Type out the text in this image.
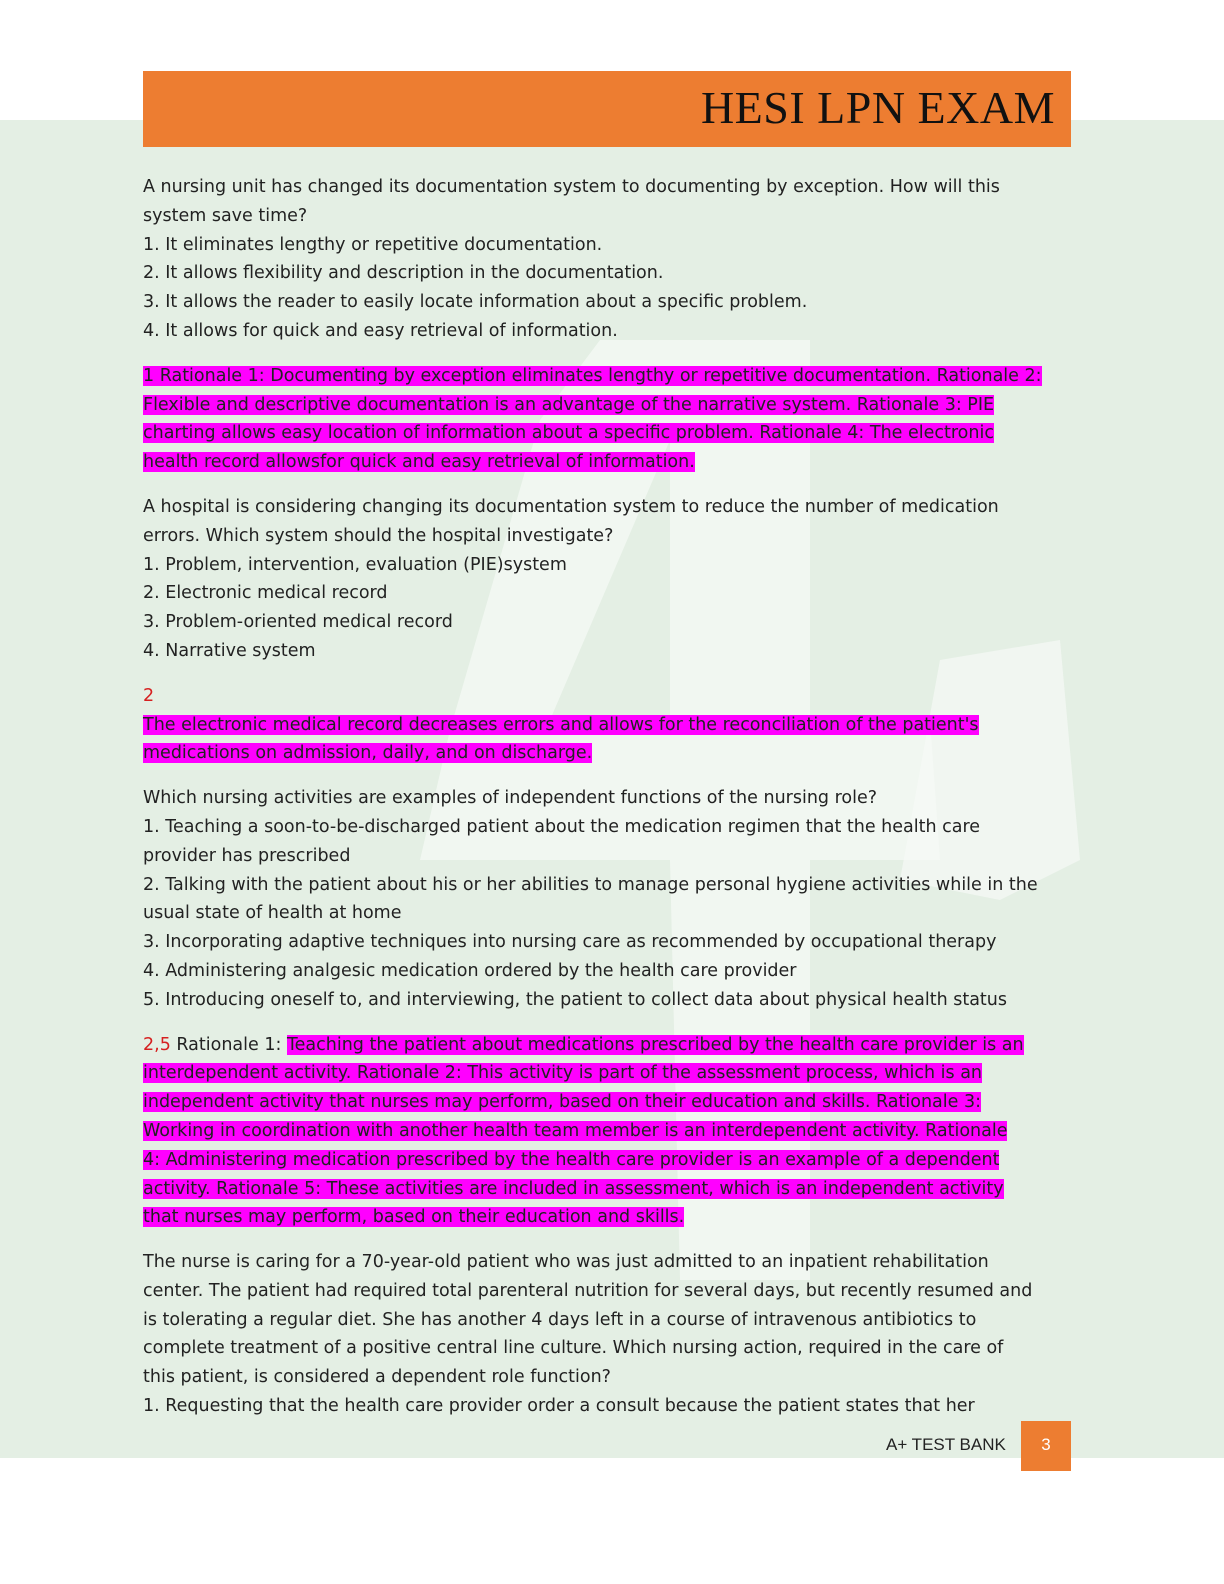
HESI LPN EXAM
A nursing unit has changed its documentation system to documenting by exception. How will this
system save time?
1. It eliminates lengthy or repetitive documentation.
2. It allows flexibility and description in the documentation.
3. It allows the reader to easily locate information about a specific problem.
4. It allows for quick and easy retrieval of information.
1 Rationale 1: Documenting by exception eliminates lengthy or repetitive documentation. Rationale 2:
Flexible and descriptive documentation is an advantage of the narrative system. Rationale 3: PIE
charting allows easy location of information about a specific problem. Rationale 4: The electronic
health record allowsfor quick and easy retrieval of information.
A hospital is considering changing its documentation system to reduce the number of medication
errors. Which system should the hospital investigate?
1. Problem, intervention, evaluation (PIE)system
2. Electronic medical record
3. Problem-oriented medical record
4. Narrative system
2
The electronic medical record decreases errors and allows for the reconciliation of the patient's
medications on admission, daily, and on discharge.
Which nursing activities are examples of independent functions of the nursing role?
1. Teaching a soon-to-be-discharged patient about the medication regimen that the health care
provider has prescribed
2. Talking with the patient about his or her abilities to manage personal hygiene activities while in the
usual state of health at home
3. Incorporating adaptive techniques into nursing care as recommended by occupational therapy
4. Administering analgesic medication ordered by the health care provider
5. Introducing oneself to, and interviewing, the patient to collect data about physical health status
2,5 Rationale 1: Teaching the patient about medications prescribed by the health care provider is an
interdependent activity. Rationale 2: This activity is part of the assessment process, which is an
independent activity that nurses may perform, based on their education and skills. Rationale 3:
Working in coordination with another health team member is an interdependent activity. Rationale
4: Administering medication prescribed by the health care provider is an example of a dependent
activity. Rationale 5: These activities are included in assessment, which is an independent activity
that nurses may perform, based on their education and skills.
The nurse is caring for a 70-year-old patient who was just admitted to an inpatient rehabilitation
center. The patient had required total parenteral nutrition for several days, but recently resumed and
is tolerating a regular diet. She has another 4 days left in a course of intravenous antibiotics to
complete treatment of a positive central line culture. Which nursing action, required in the care of
this patient, is considered a dependent role function?
1. Requesting that the health care provider order a consult because the patient states that her
A+ TEST BANK	3
